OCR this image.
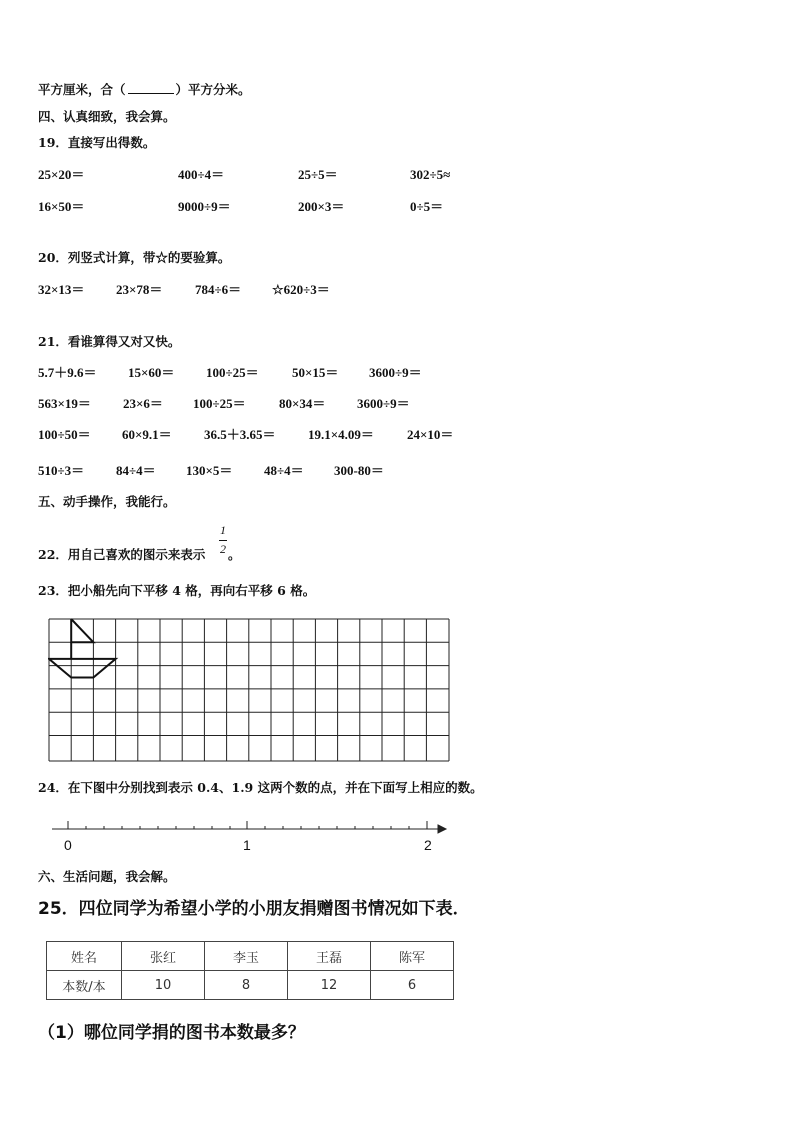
平方厘米，合（	）平方分米。
四、认真细致，我会算。
19．直接写出得数。
25×20＝	400÷4＝	25÷5＝	302÷5≈
16×50＝	9000÷9＝	200×3＝	0÷5＝
20．列竖式计算，带☆的要验算。
32×13＝ 23×78＝	784÷6＝ ☆620÷3＝
21．看谁算得又对又快。
5.7＋9.6＝ 15×60＝ 100÷25＝	50×15＝ 3600÷9＝
563×19＝ 23×6＝ 100÷25＝	80×34＝ 3600÷9＝
100÷50＝ 60×9.1＝ 36.5＋3.65＝ 19.1×4.09＝	24×10＝
510÷3＝ 84÷4＝ 130×5＝ 48÷4＝ 300-80＝
五、动手操作，我能行。
22．用自己喜欢的图示来表示
1
2 。
23．把小船先向下平移 4 格，再向右平移 6 格。
24．在下图中分别找到表示 0.4、1.9 这两个数的点，并在下面写上相应的数。
0	1	2
六、生活问题，我会解。
25．四位同学为希望小学的小朋友捐赠图书情况如下表．
姓名	张红	李玉	王磊	陈军
本数/本	10	8	12	6
（1）哪位同学捐的图书本数最多？
